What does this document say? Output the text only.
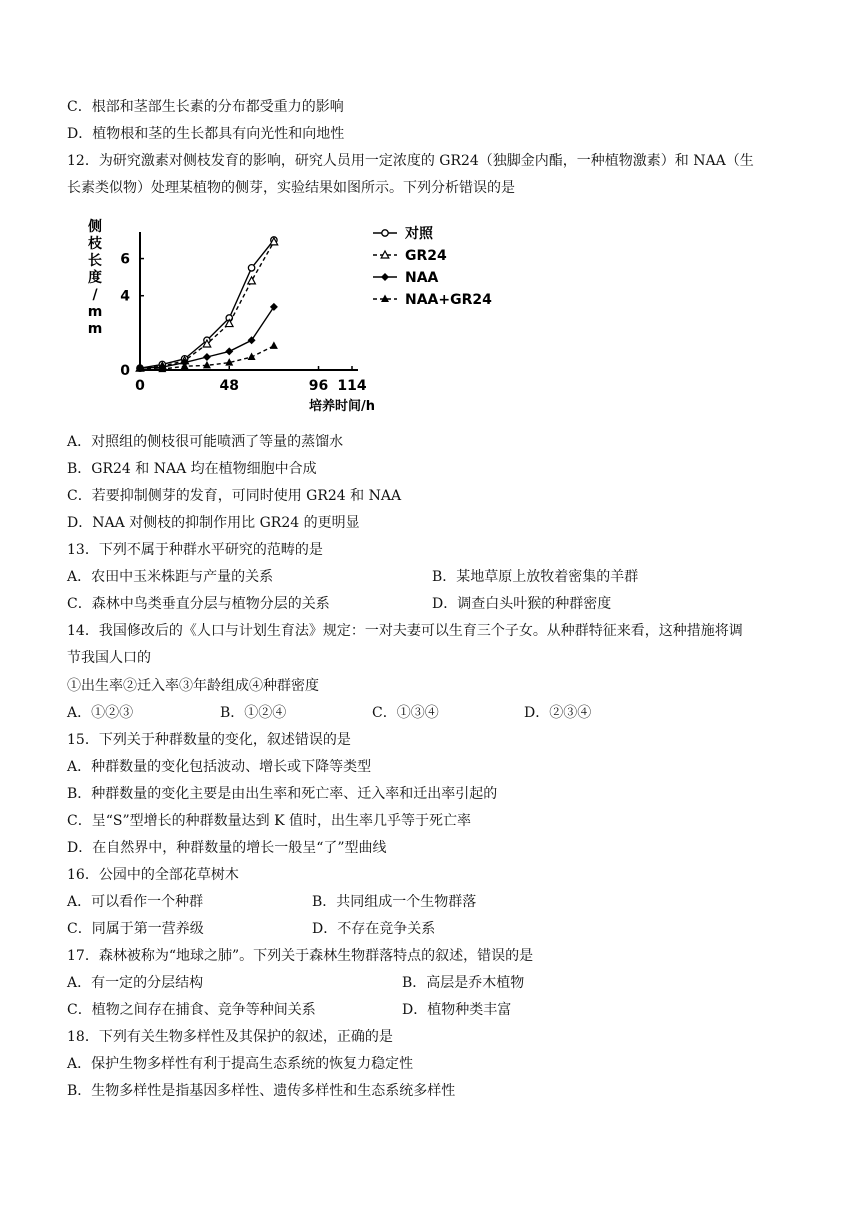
C．根部和茎部生长素的分布都受重力的影响
D．植物根和茎的生长都具有向光性和向地性
12．为研究激素对侧枝发育的影响，研究人员用一定浓度的 GR24（独脚金内酯，一种植物激素）和 NAA（生
长素类似物）处理某植物的侧芽，实验结果如图所示。下列分析错误的是
0	48	96 114
0
4
6
培养时间/h
侧枝长度/ m m
对照
GR24
NAA
NAA+GR24
A．对照组的侧枝很可能喷洒了等量的蒸馏水
B．GR24 和 NAA 均在植物细胞中合成
C．若要抑制侧芽的发育，可同时使用 GR24 和 NAA
D．NAA 对侧枝的抑制作用比 GR24 的更明显
13．下列不属于种群水平研究的范畴的是
A．农田中玉米株距与产量的关系	B．某地草原上放牧着密集的羊群
C．森林中鸟类垂直分层与植物分层的关系	D．调查白头叶猴的种群密度
14．我国修改后的《人口与计划生育法》规定：一对夫妻可以生育三个子女。从种群特征来看，这种措施将调
节我国人口的
①出生率②迁入率③年龄组成④种群密度
A．①②③	B．①②④	C．①③④	D．②③④
15．下列关于种群数量的变化，叙述错误的是
A．种群数量的变化包括波动、增长或下降等类型
B．种群数量的变化主要是由出生率和死亡率、迁入率和迁出率引起的
C．呈“S”型增长的种群数量达到 K 值时，出生率几乎等于死亡率
D．在自然界中，种群数量的增长一般呈“了”型曲线
16．公园中的全部花草树木
A．可以看作一个种群	B．共同组成一个生物群落
C．同属于第一营养级	D．不存在竞争关系
17．森林被称为“地球之肺”。下列关于森林生物群落特点的叙述，错误的是
A．有一定的分层结构	B．高层是乔木植物
C．植物之间存在捕食、竞争等种间关系	D．植物种类丰富
18．下列有关生物多样性及其保护的叙述，正确的是
A．保护生物多样性有利于提高生态系统的恢复力稳定性
B．生物多样性是指基因多样性、遗传多样性和生态系统多样性
